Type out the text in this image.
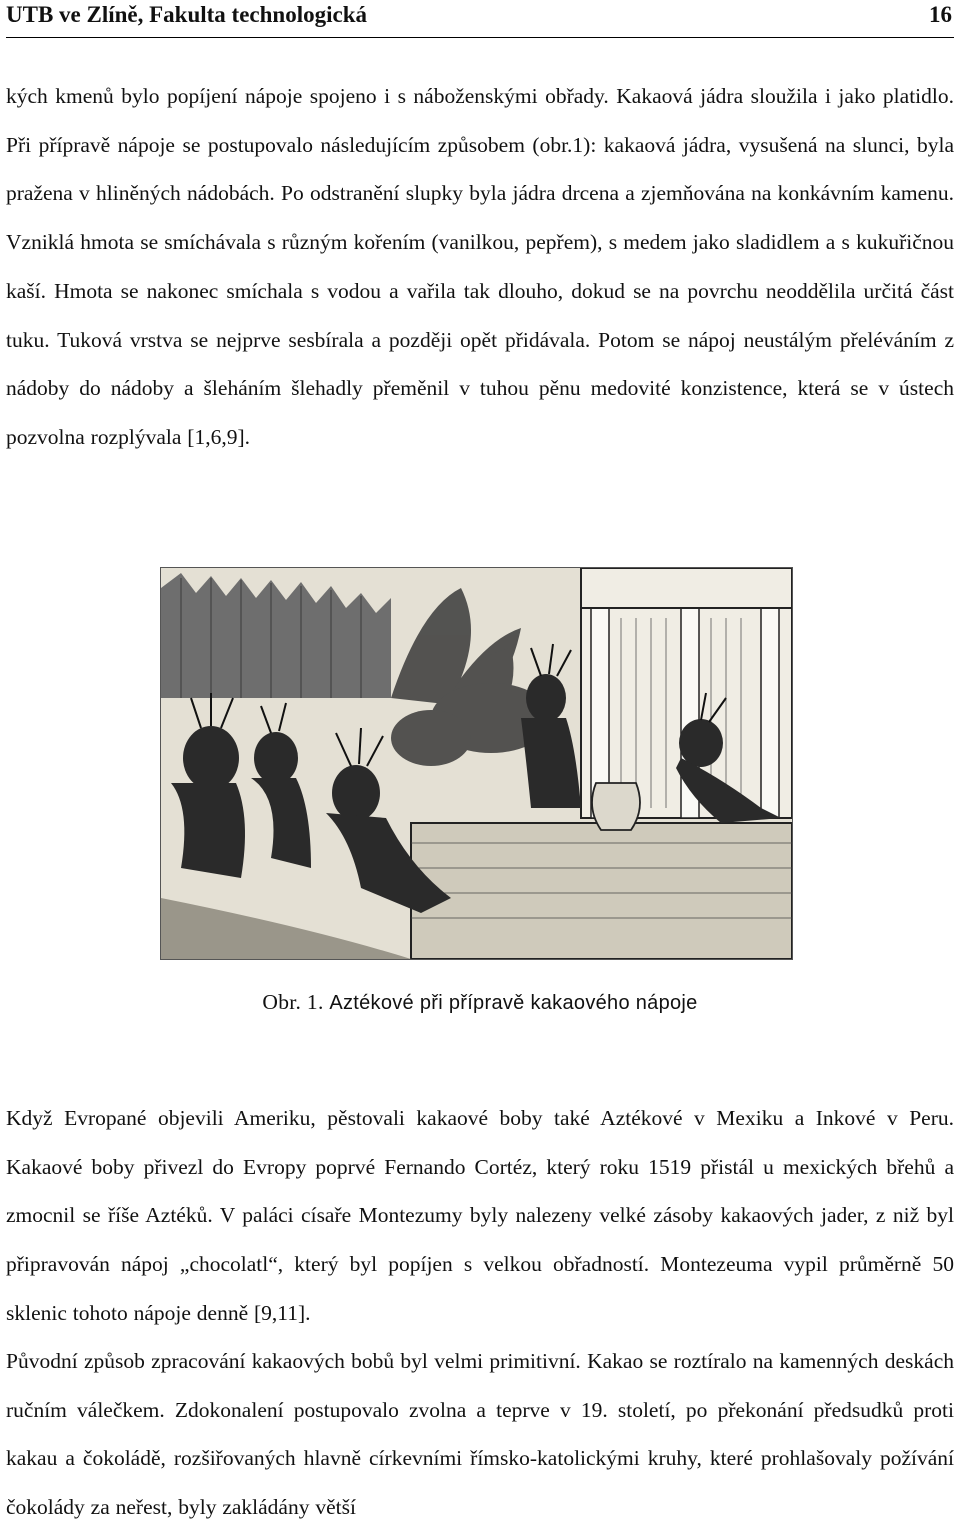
UTB ve Zlíně, Fakulta technologická	16

kých kmenů bylo popíjení nápoje spojeno i s náboženskými obřady. Kakaová jádra sloužila i jako platidlo. Při přípravě nápoje se postupovalo následujícím způsobem (obr.1): kakaová jádra, vysušená na slunci, byla pražena v hliněných nádobách. Po odstranění slupky byla jádra drcena a zjemňována na konkávním kamenu. Vzniklá hmota se smíchávala s různým kořením (vanilkou, pepřem), s medem jako sladidlem a s kukuřičnou kaší. Hmota se nakonec smíchala s vodou a vařila tak dlouho, dokud se na povrchu neoddělila určitá část tuku. Tuková vrstva se nejprve sesbírala a později opět přidávala. Potom se nápoj neustálým přeléváním z nádoby do nádoby a šleháním šlehadly přeměnil v tuhou pěnu medovité konzistence, která se v ústech pozvolna rozplývala [1,6,9].

Obr. 1. Aztékové při přípravě kakaového nápoje

Když Evropané objevili Ameriku, pěstovali kakaové boby také Aztékové v Mexiku a Inkové v Peru. Kakaové boby přivezl do Evropy poprvé Fernando Cortéz, který roku 1519 přistál u mexických břehů a zmocnil se říše Aztéků. V paláci císaře Montezumy byly nalezeny velké zásoby kakaových jader, z niž byl připravován nápoj „chocolatl“, který byl popíjen s velkou obřadností. Montezeuma vypil průměrně 50 sklenic tohoto nápoje denně [9,11].

Původní způsob zpracování kakaových bobů byl velmi primitivní. Kakao se roztíralo na kamenných deskách ručním válečkem. Zdokonalení postupovalo zvolna a teprve v 19. století, po překonání předsudků proti kakau a čokoládě, rozšiřovaných hlavně církevními římsko-katolickými kruhy, které prohlašovaly požívání čokolády za neřest, byly zakládány větší
